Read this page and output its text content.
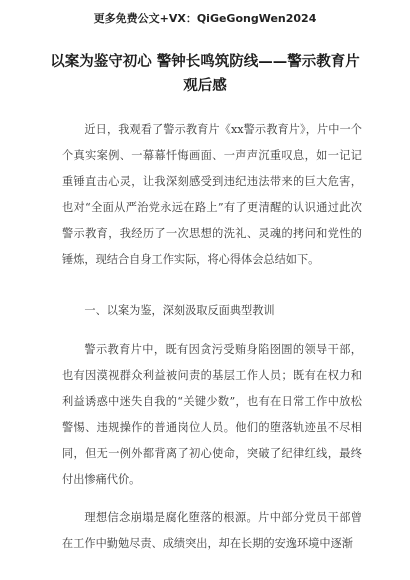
更多免费公文+VX：QiGeGongWen2024
以案为鉴守初心 警钟长鸣筑防线——警示教育片观后感

近日，我观看了警示教育片《xx警示教育片》，片中一个个真实案例、一幕幕忏悔画面、一声声沉重叹息，如一记记重锤直击心灵，让我深刻感受到违纪违法带来的巨大危害，也对“全面从严治党永远在路上”有了更清醒的认识通过此次警示教育，我经历了一次思想的洗礼、灵魂的拷问和党性的锤炼，现结合自身工作实际，将心得体会总结如下。

一、以案为鉴，深刻汲取反面典型教训

警示教育片中，既有因贪污受贿身陷囹圄的领导干部，也有因漠视群众利益被问责的基层工作人员；既有在权力和利益诱惑中迷失自我的“关键少数”，也有在日常工作中放松警惕、违规操作的普通岗位人员。他们的堕落轨迹虽不尽相同，但无一例外都背离了初心使命，突破了纪律红线，最终付出惨痛代价。

理想信念崩塌是腐化堕落的根源。片中部分党员干部曾在工作中勤勉尽责、成绩突出，却在长期的安逸环境中逐渐
